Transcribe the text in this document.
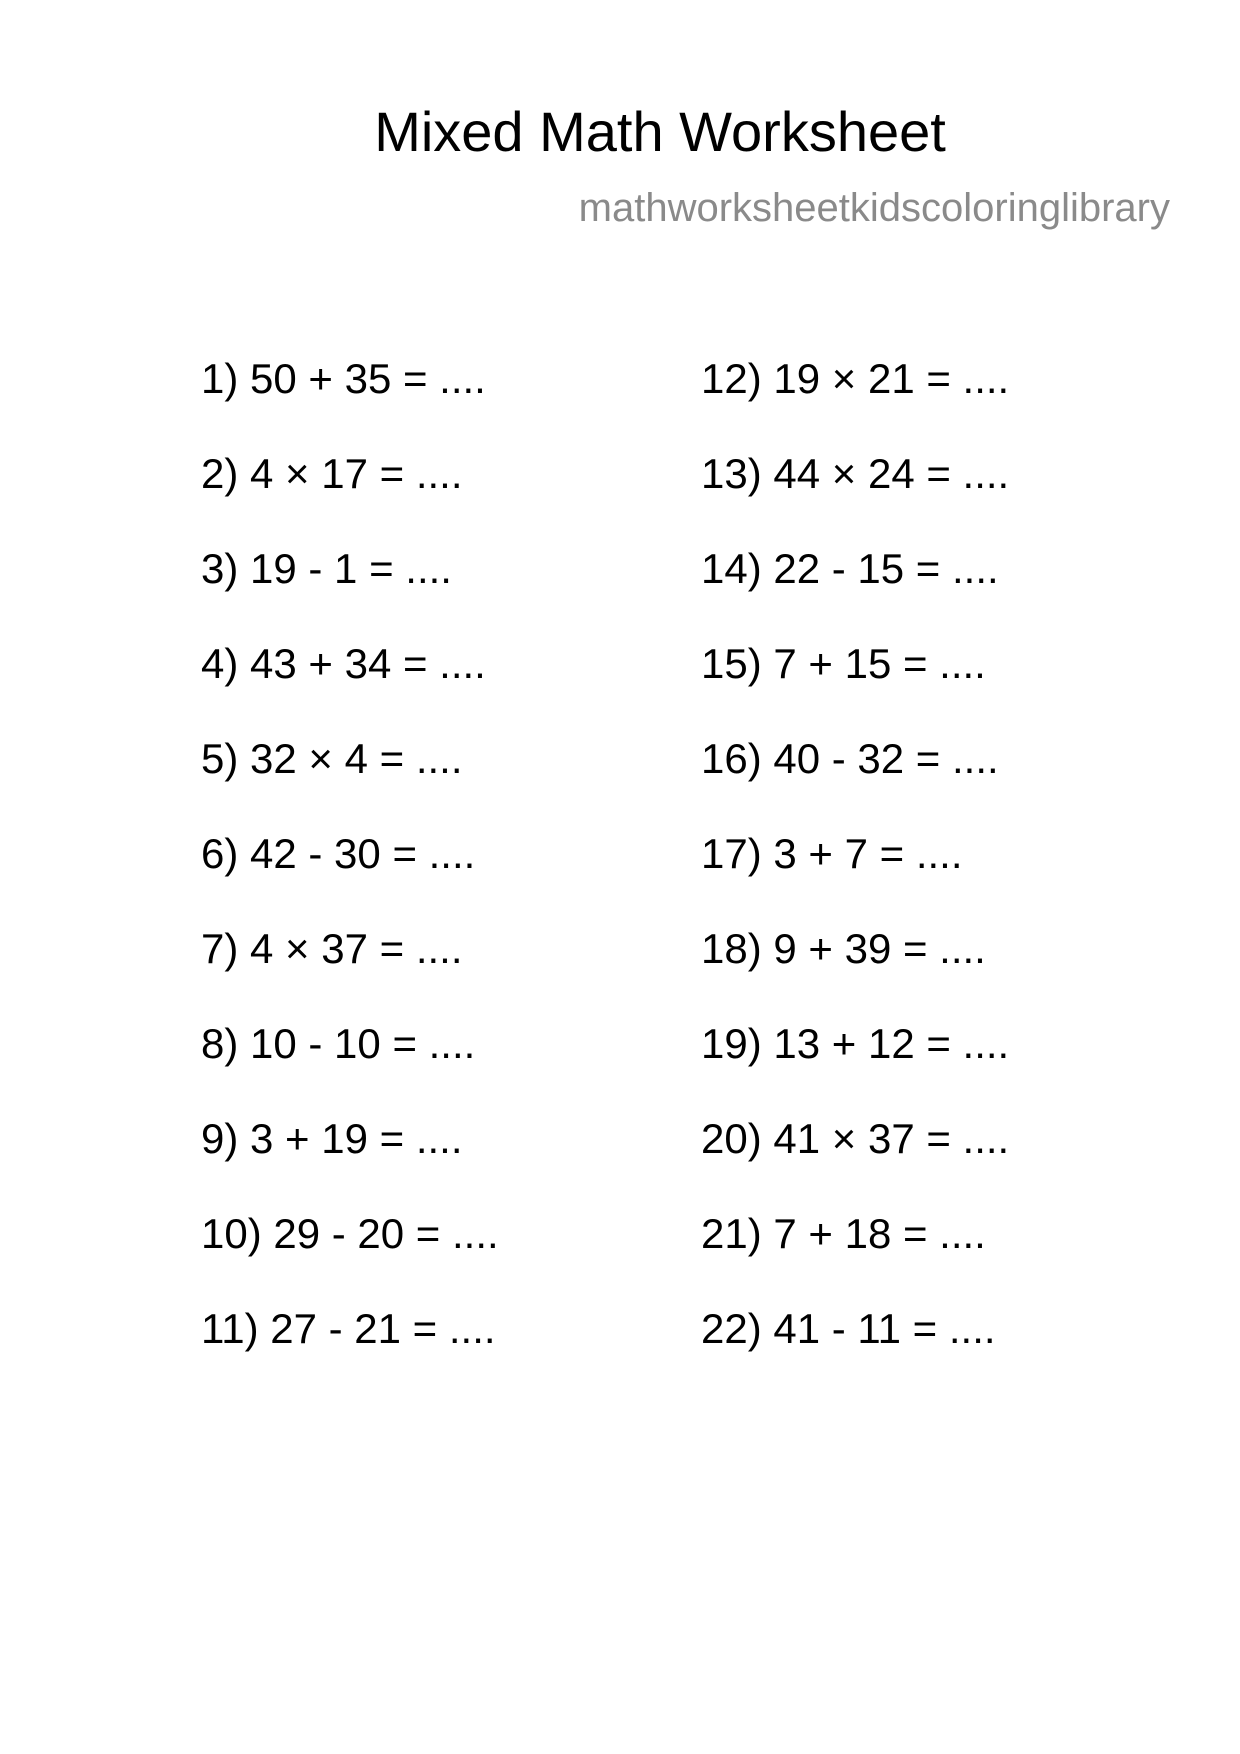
Mixed Math Worksheet
mathworksheetkidscoloringlibrary
1) 50 + 35 = ....
2) 4 × 17 = ....
3) 19 - 1 = ....
4) 43 + 34 = ....
5) 32 × 4 = ....
6) 42 - 30 = ....
7) 4 × 37 = ....
8) 10 - 10 = ....
9) 3 + 19 = ....
10) 29 - 20 = ....
11) 27 - 21 = ....
12) 19 × 21 = ....
13) 44 × 24 = ....
14) 22 - 15 = ....
15) 7 + 15 = ....
16) 40 - 32 = ....
17) 3 + 7 = ....
18) 9 + 39 = ....
19) 13 + 12 = ....
20) 41 × 37 = ....
21) 7 + 18 = ....
22) 41 - 11 = ....
